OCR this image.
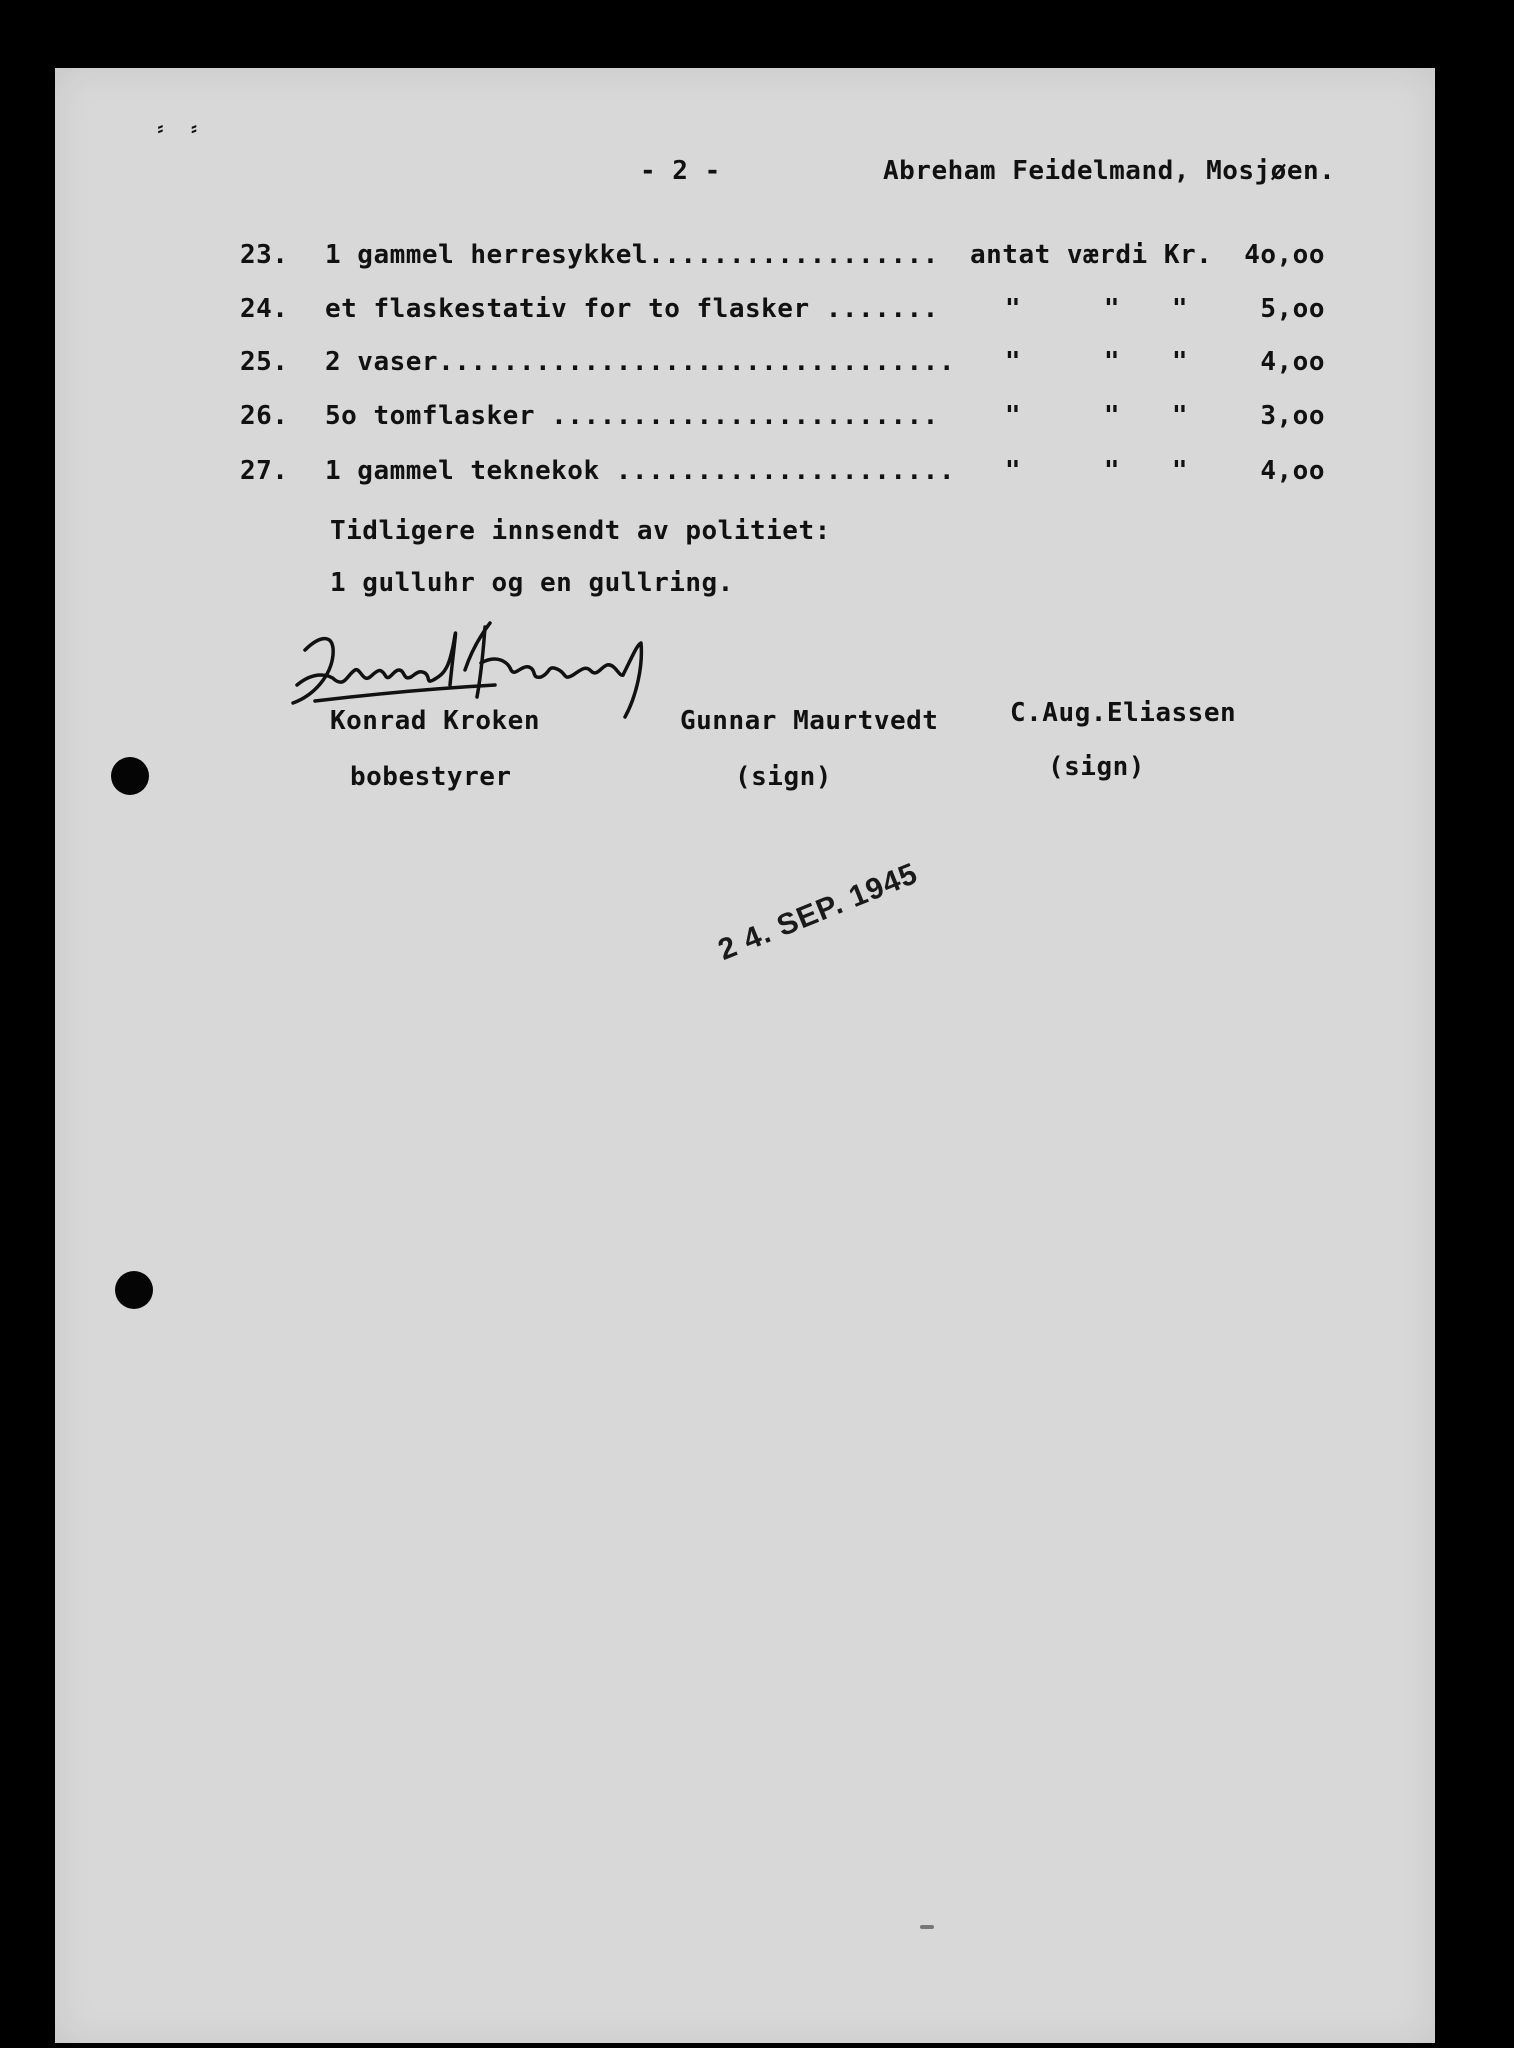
⸗ ⸗
- 2 -	Abreham Feidelmand, Mosjøen.
23.	1 gammel herresykkel.................. antat værdi Kr.	4o,oo
24.	et flaskestativ for to flasker .......	"	" "	5,oo
25.	2 vaser................................ "	" "	4,oo
26.	5o tomflasker ........................	"	" "	3,oo
27.	1 gammel teknekok ..................... "	" "	4,oo
Tidligere innsendt av politiet:
1 gulluhr og en gullring.
Konrad Kroken
bobestyrer
Gunnar Maurtvedt
(sign)
C.Aug.Eliassen
(sign)
2 4. SEP. 1945
